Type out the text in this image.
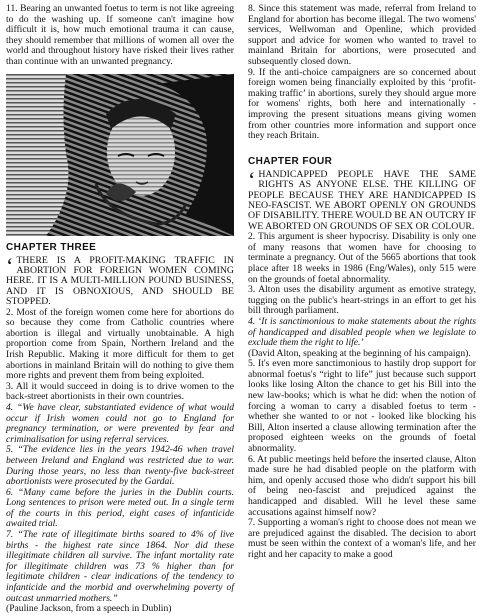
11. Bearing an unwanted foetus to term is not like agreeing to do the washing up. If someone can't imagine how difficult it is, how much emotional trauma it can cause, they should remember that millions of women all over the world and throughout history have risked their lives rather than continue with an unwanted pregnancy.

CHAPTER THREE
‘ THERE IS A PROFIT-MAKING TRAFFIC IN ABORTION FOR FOREIGN WOMEN COMING HERE. IT IS A MULTI-MILLION POUND BUSINESS, AND IT IS OBNOXIOUS, AND SHOULD BE STOPPED.

2. Most of the foreign women come here for abortions do so because they come from Catholic countries where abortion is illegal and virtually unobtainable. A high proportion come from Spain, Northern Ireland and the Irish Republic. Making it more difficult for them to get abortions in mainland Britain will do nothing to give them more rights and prevent them from being exploited.

3. All it would succeed in doing is to drive women to the back-street abortionists in their own countries.

4. “We have clear, substantiated evidence of what would occur if Irish women could not go to England for pregnancy termination, or were prevented by fear and criminalisation for using referral services.

5. “The evidence lies in the years 1942-46 when travel between Ireland and England was restricted due to war. During those years, no less than twenty-five back-street abortionists were prosecuted by the Gardai.

6. “Many came before the juries in the Dublin courts. Long sentences to prison were meted out. In a single term of the courts in this period, eight cases of infanticide awaited trial.

7. “The rate of illegitimate births soared to 4% of live births - the highest rate since 1864. Nor did these illegitimate children all survive. The infant mortality rate for illegitimate children was 73 % higher than for legitimate children - clear indications of the tendency to infanticide and the morbid and overwhelming poverty of outcast unmarried mothers.”

(Pauline Jackson, from a speech in Dublin)

8. Since this statement was made, referral from Ireland to England for abortion has become illegal. The two womens' services, Wellwoman and Openline, which provided support and advice for women who wanted to travel to mainland Britain for abortions, were prosecuted and subsequently closed down.

9. If the anti-choice campaigners are so concerned about foreign women being financially exploited by this ‘profit-making traffic’ in abortions, surely they should argue more for womens' rights, both here and internationally - improving the present situations means giving women from other countries more information and support once they reach Britain.

CHAPTER FOUR
‘ HANDICAPPED PEOPLE HAVE THE SAME RIGHTS AS ANYONE ELSE. THE KILLING OF PEOPLE BECAUSE THEY ARE HANDICAPPED IS NEO-FASCIST. WE ABORT OPENLY ON GROUNDS OF DISABILITY. THERE WOULD BE AN OUTCRY IF WE ABORTED ON GROUNDS OF SEX OR COLOUR.

2. This argument is sheer hypocrisy. Disability is only one of many reasons that women have for choosing to terminate a pregnancy. Out of the 5665 abortions that took place after 18 weeks in 1986 (Eng/Wales), only 515 were on the grounds of foetal abnormality.

3. Alton uses the disability argument as emotive strategy, tugging on the public's heart-strings in an effort to get his bill through parliament.

4. ‘It is sanctimonious to make statements about the rights of handicapped and disabled people when we legislate to exclude them the right to life.’

(David Alton, speaking at the beginning of his campaign).

5. It's even more sanctimonious to hastily drop support for abnormal foetus's “right to life” just because such support looks like losing Alton the chance to get his Bill into the new law-books; which is what he did: when the notion of forcing a woman to carry a disabled foetus to term - whether she wanted to or not - looked like blocking his Bill, Alton inserted a clause allowing termination after the proposed eighteen weeks on the grounds of foetal abnormality.

6. At public meetings held before the inserted clause, Alton made sure he had disabled people on the platform with him, and openly accused those who didn't support his bill of being neo-fascist and prejudiced against the handicapped and disabled. Will he level these same accusations against himself now?

7. Supporting a woman's right to choose does not mean we are prejudiced against the disabled. The decision to abort must be seen within the context of a woman's life, and her right and her capacity to make a good
